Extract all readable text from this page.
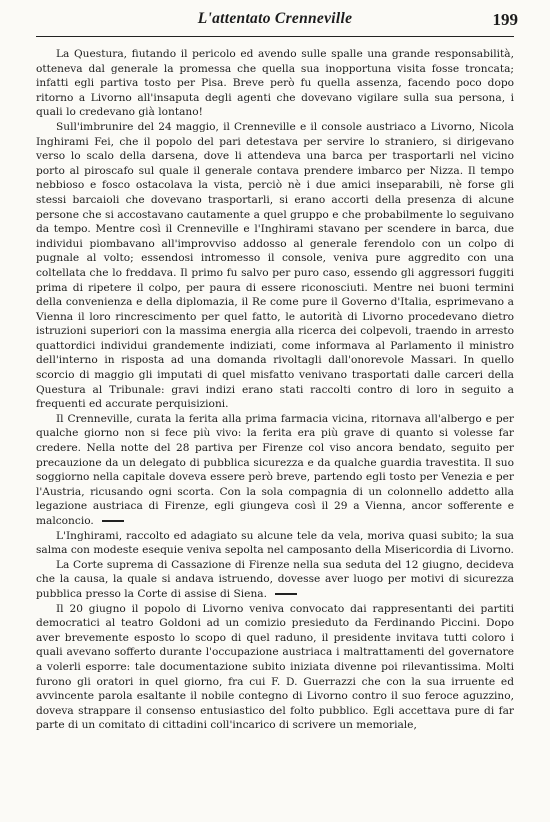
L'attentato Crenneville	199

La Questura, fiutando il pericolo ed avendo sulle spalle una grande responsabilità, otteneva dal generale la promessa che quella sua inopportuna visita fosse troncata; infatti egli partiva tosto per Pisa. Breve però fu quella assenza, facendo poco dopo ritorno a Livorno all'insaputa degli agenti che dovevano vigilare sulla sua persona, i quali lo credevano già lontano!

Sull'imbrunire del 24 maggio, il Crenneville e il console austriaco a Livorno, Nicola Inghirami Fei, che il popolo del pari detestava per servire lo straniero, si dirigevano verso lo scalo della darsena, dove li attendeva una barca per trasportarli nel vicino porto al piroscafo sul quale il generale contava prendere imbarco per Nizza. Il tempo nebbioso e fosco ostacolava la vista, perciò nè i due amici inseparabili, nè forse gli stessi barcaioli che dovevano trasportarli, si erano accorti della presenza di alcune persone che si accostavano cautamente a quel gruppo e che probabilmente lo seguivano da tempo. Mentre così il Crenneville e l'Inghirami stavano per scendere in barca, due individui piombavano all'improvviso addosso al generale ferendolo con un colpo di pugnale al volto; essendosi intromesso il console, veniva pure aggredito con una coltellata che lo freddava. Il primo fu salvo per puro caso, essendo gli aggressori fuggiti prima di ripetere il colpo, per paura di essere riconosciuti. Mentre nei buoni termini della convenienza e della diplomazia, il Re come pure il Governo d'Italia, esprimevano a Vienna il loro rincrescimento per quel fatto, le autorità di Livorno procedevano dietro istruzioni superiori con la massima energia alla ricerca dei colpevoli, traendo in arresto quattordici individui grandemente indiziati, come informava al Parlamento il ministro dell'interno in risposta ad una domanda rivoltagli dall'onorevole Massari. In quello scorcio di maggio gli imputati di quel misfatto venivano trasportati dalle carceri della Questura al Tribunale: gravi indizi erano stati raccolti contro di loro in seguito a frequenti ed accurate perquisizioni.

Il Crenneville, curata la ferita alla prima farmacia vicina, ritornava all'albergo e per qualche giorno non si fece più vivo: la ferita era più grave di quanto si volesse far credere. Nella notte del 28 partiva per Firenze col viso ancora bendato, seguito per precauzione da un delegato di pubblica sicurezza e da qualche guardia travestita. Il suo soggiorno nella capitale doveva essere però breve, partendo egli tosto per Venezia e per l'Austria, ricusando ogni scorta. Con la sola compagnia di un colonnello addetto alla legazione austriaca di Firenze, egli giungeva così il 29 a Vienna, ancor sofferente e malconcio.

L'Inghirami, raccolto ed adagiato su alcune tele da vela, moriva quasi subito; la sua salma con modeste esequie veniva sepolta nel camposanto della Misericordia di Livorno.

La Corte suprema di Cassazione di Firenze nella sua seduta del 12 giugno, decideva che la causa, la quale si andava istruendo, dovesse aver luogo per motivi di sicurezza pubblica presso la Corte di assise di Siena.

Il 20 giugno il popolo di Livorno veniva convocato dai rappresentanti dei partiti democratici al teatro Goldoni ad un comizio presieduto da Ferdinando Piccini. Dopo aver brevemente esposto lo scopo di quel raduno, il presidente invitava tutti coloro i quali avevano sofferto durante l'occupazione austriaca i maltrattamenti del governatore a volerli esporre: tale documentazione subito iniziata divenne poi rilevantissima. Molti furono gli oratori in quel giorno, fra cui F. D. Guerrazzi che con la sua irruente ed avvincente parola esaltante il nobile contegno di Livorno contro il suo feroce aguzzino, doveva strappare il consenso entusiastico del folto pubblico. Egli accettava pure di far parte di un comitato di cittadini coll'incarico di scrivere un memoriale,
